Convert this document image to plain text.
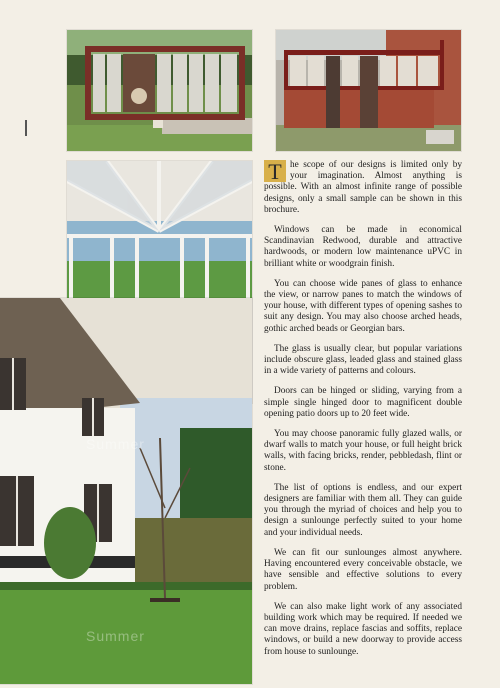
Summer
Summer

T he scope of our designs is limited only by your imagination. Almost anything is possible. With an almost infinite range of possible designs, only a small sample can be shown in this brochure.

Windows can be made in economical Scandinavian Redwood, durable and attractive hardwoods, or modern low maintenance uPVC in brilliant white or woodgrain finish.

You can choose wide panes of glass to enhance the view, or narrow panes to match the windows of your house, with different types of opening sashes to suit any design. You may also choose arched heads, gothic arched beads or Georgian bars.

The glass is usually clear, but popular variations include obscure glass, leaded glass and stained glass in a wide variety of patterns and colours.

Doors can be hinged or sliding, varying from a simple single hinged door to magnificent double opening patio doors up to 20 feet wide.

You may choose panoramic fully glazed walls, or dwarf walls to match your house, or full height brick walls, with facing bricks, render, pebbledash, flint or stone.

The list of options is endless, and our expert designers are familiar with them all. They can guide you through the myriad of choices and help you to design a sunlounge perfectly suited to your home and your individual needs.

We can fit our sunlounges almost anywhere. Having encountered every conceivable obstacle, we have sensible and effective solutions to every problem.

We can also make light work of any associated building work which may be required. If needed we can move drains, replace fascias and soffits, replace windows, or build a new doorway to provide access from house to sunlounge.
